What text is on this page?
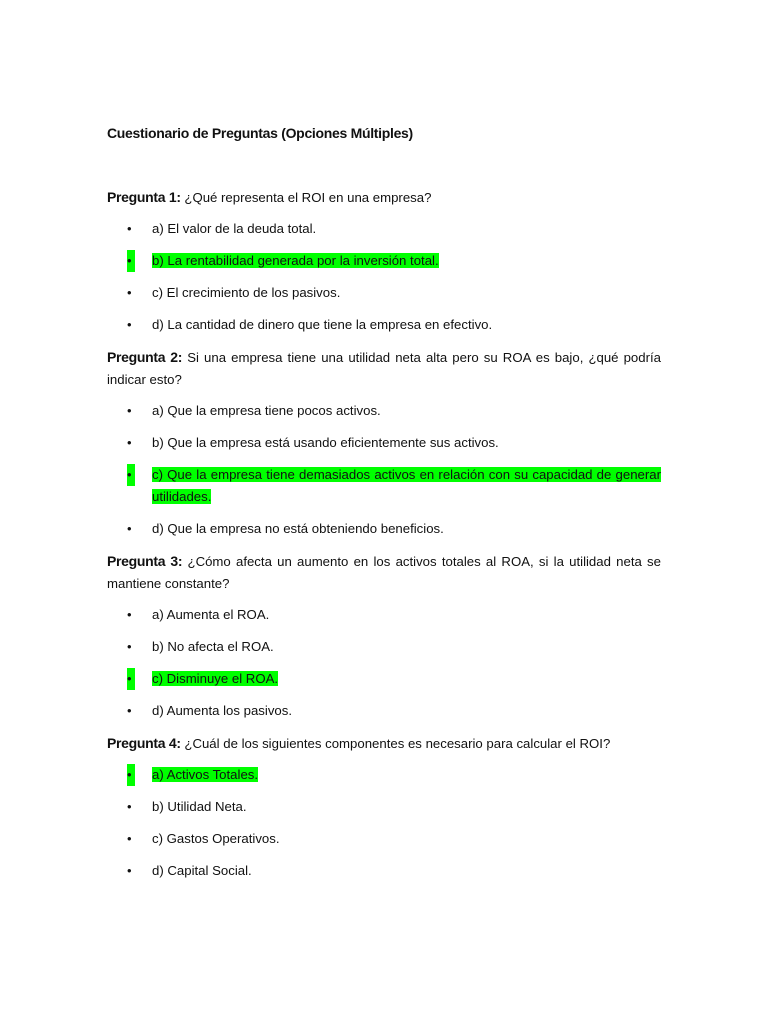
Cuestionario de Preguntas (Opciones Múltiples)
Pregunta 1: ¿Qué representa el ROI en una empresa?
• a) El valor de la deuda total.
• b) La rentabilidad generada por la inversión total.
• c) El crecimiento de los pasivos.
• d) La cantidad de dinero que tiene la empresa en efectivo.
Pregunta 2: Si una empresa tiene una utilidad neta alta pero su ROA es bajo, ¿qué podría indicar esto?
• a) Que la empresa tiene pocos activos.
• b) Que la empresa está usando eficientemente sus activos.
• c) Que la empresa tiene demasiados activos en relación con su capacidad de generar utilidades.
• d) Que la empresa no está obteniendo beneficios.
Pregunta 3: ¿Cómo afecta un aumento en los activos totales al ROA, si la utilidad neta se mantiene constante?
• a) Aumenta el ROA.
• b) No afecta el ROA.
• c) Disminuye el ROA.
• d) Aumenta los pasivos.
Pregunta 4: ¿Cuál de los siguientes componentes es necesario para calcular el ROI?
• a) Activos Totales.
• b) Utilidad Neta.
• c) Gastos Operativos.
• d) Capital Social.
